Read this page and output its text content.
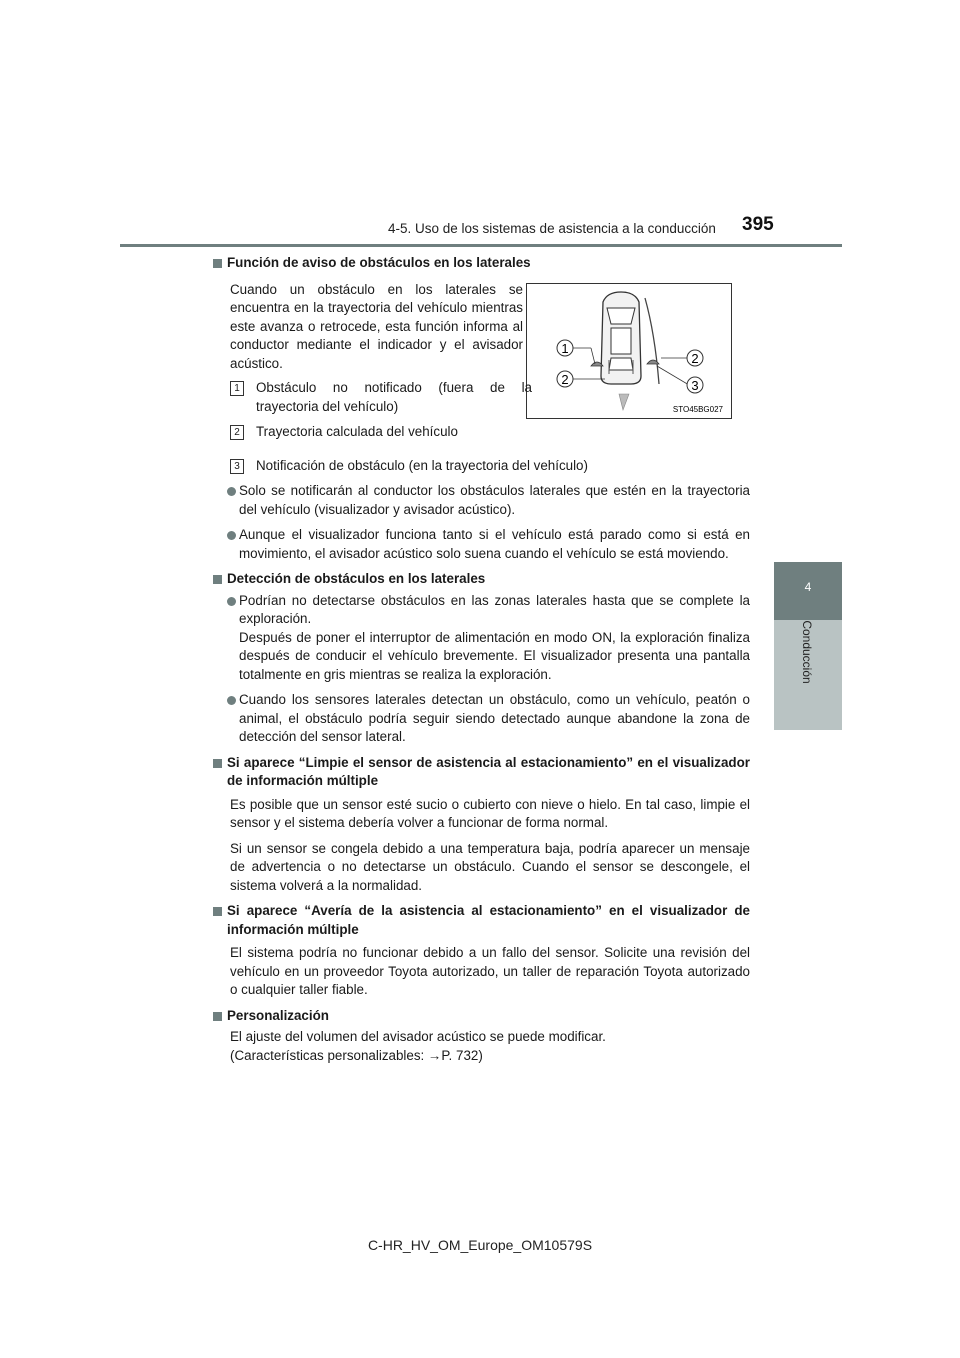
4-5. Uso de los sistemas de asistencia a la conducción 395
4
Conducción
1
2
2
3
STO45BG027

Función de aviso de obstáculos en los laterales

Cuando un obstáculo en los laterales se encuentra en la trayectoria del vehículo mientras este avanza o retrocede, esta función informa al conductor mediante el indicador y el avisador acústico.

1	Obstáculo no notificado (fuera de la trayectoria del vehículo)
2	Trayectoria calculada del vehículo
3	Notificación de obstáculo (en la trayectoria del vehículo)

Solo se notificarán al conductor los obstáculos laterales que estén en la trayectoria del vehículo (visualizador y avisador acústico).

Aunque el visualizador funciona tanto si el vehículo está parado como si está en movimiento, el avisador acústico solo suena cuando el vehículo se está moviendo.

Detección de obstáculos en los laterales

Podrían no detectarse obstáculos en las zonas laterales hasta que se complete la exploración.
Después de poner el interruptor de alimentación en modo ON, la exploración finaliza después de conducir el vehículo brevemente. El visualizador presenta una pantalla totalmente en gris mientras se realiza la exploración.

Cuando los sensores laterales detectan un obstáculo, como un vehículo, peatón o animal, el obstáculo podría seguir siendo detectado aunque abandone la zona de detección del sensor lateral.

Si aparece “Limpie el sensor de asistencia al estacionamiento” en el visualizador de información múltiple

Es posible que un sensor esté sucio o cubierto con nieve o hielo. En tal caso, limpie el sensor y el sistema debería volver a funcionar de forma normal.

Si un sensor se congela debido a una temperatura baja, podría aparecer un mensaje de advertencia o no detectarse un obstáculo. Cuando el sensor se descongele, el sistema volverá a la normalidad.

Si aparece “Avería de la asistencia al estacionamiento” en el visualizador de información múltiple

El sistema podría no funcionar debido a un fallo del sensor. Solicite una revisión del vehículo en un proveedor Toyota autorizado, un taller de reparación Toyota autorizado o cualquier taller fiable.

Personalización

El ajuste del volumen del avisador acústico se puede modificar.
(Características personalizables: →P. 732)
C-HR_HV_OM_Europe_OM10579S
